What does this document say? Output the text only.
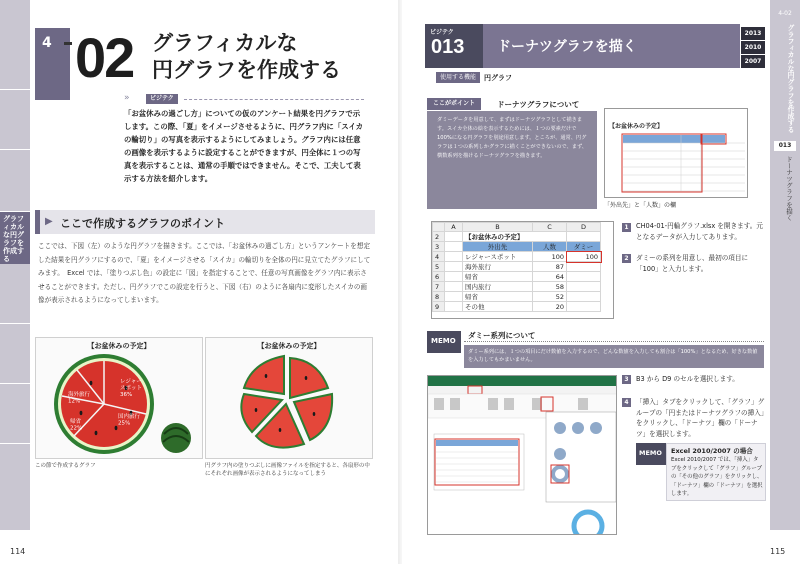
グラフィカルな円グラフを作成する
4 02 グラフィカルな
円グラフを作成する
»	ビジテク
「お盆休みの過ごし方」についての仮のアンケート結果を円グラフで示します。この際、「夏」をイメージさせるように、円グラフ内に「スイカの輪切り」の写真を表示するようにしてみましょう。グラフ内には任意の画像を表示するように設定することができますが、円全体に１つの写真を表示することは、通常の手順ではできません。そこで、工夫して表示する方法を紹介します。
▶ ここで作成するグラフのポイント
ここでは、下図（左）のような円グラフを描きます。ここでは、「お盆休みの過ごし方」というアンケートを想定した結果を円グラフにするので、「夏」をイメージさせる「スイカ」の輪切りを全体の円に見立てたグラフにしてみます。　Excel では、「塗りつぶし色」の設定に「図」を指定することで、任意の写真画像をグラフ内に表示させることができます。ただし、円グラフでこの設定を行うと、下図（右）のように各扇内に変形したスイカの画像が表示されるようになってしまいます。
【お盆休みの予定】
レジャースポット 36%
海外旅行 12%
国内旅行 25%
帰省 22%
【お盆休みの予定】
この節で作成するグラフ	円グラフ内の塗りつぶしに画像ファイルを指定すると、各扇形の中にそれぞれ画像が表示されるようになってしまう
114
ビジテク
013 ドーナツグラフを描く
2013
2010
2007
使用する機能	円グラフ
ここがポイント	ドーナツグラフについて

ダミーデータを用意して、まずはドーナツグラフとして描きます。スイカ全体の絵を表示するためには、１つの要素だけで100%になる円グラフを別途用意します。ところが、通常、円グラフは１つの系列しかグラフに描くことができないので、まず、横数系列を描けるドーナツグラフを描きます。

【お盆休みの予定】
「外出先」と「人数」の欄
	A	B	C	D
2		【お盆休みの予定】		
3		外出先	人数	ダミー
4		レジャースポット	100	100
5		海外旅行	87	
6		帰省	64	
7		国内旅行	58	
8		帰省	52	
9		その他	20	
1	CH04-01-円輪グラフ.xlsx を開きます。元となるデータが入力してあります。
2	ダミーの系列を用意し、最初の項目に「100」と入力します。
MEMO
ダミー系列について

ダミー系列には、１つの項目にだけ数値を入力するので、どんな数値を入力しても割合は「100%」となるため、好きな数値を入力してもかまいません。

3	B3 から D9 のセルを選択します。
4	「挿入」タブをクリックして、「グラフ」グループの「円またはドーナツグラフの挿入」をクリックし、「ドーナツ」欄の「ドーナツ」を選択します。
MEMO Excel 2010/2007 の場合

Excel 2010/2007 では、「挿入」タブをクリックして「グラフ」グループの「その他のグラフ」をクリックし、「ドーナツ」欄の「ドーナツ」を選択します。

4-02
グラフィカルな円グラフを作成する
013
ドーナツグラフを描く
115
